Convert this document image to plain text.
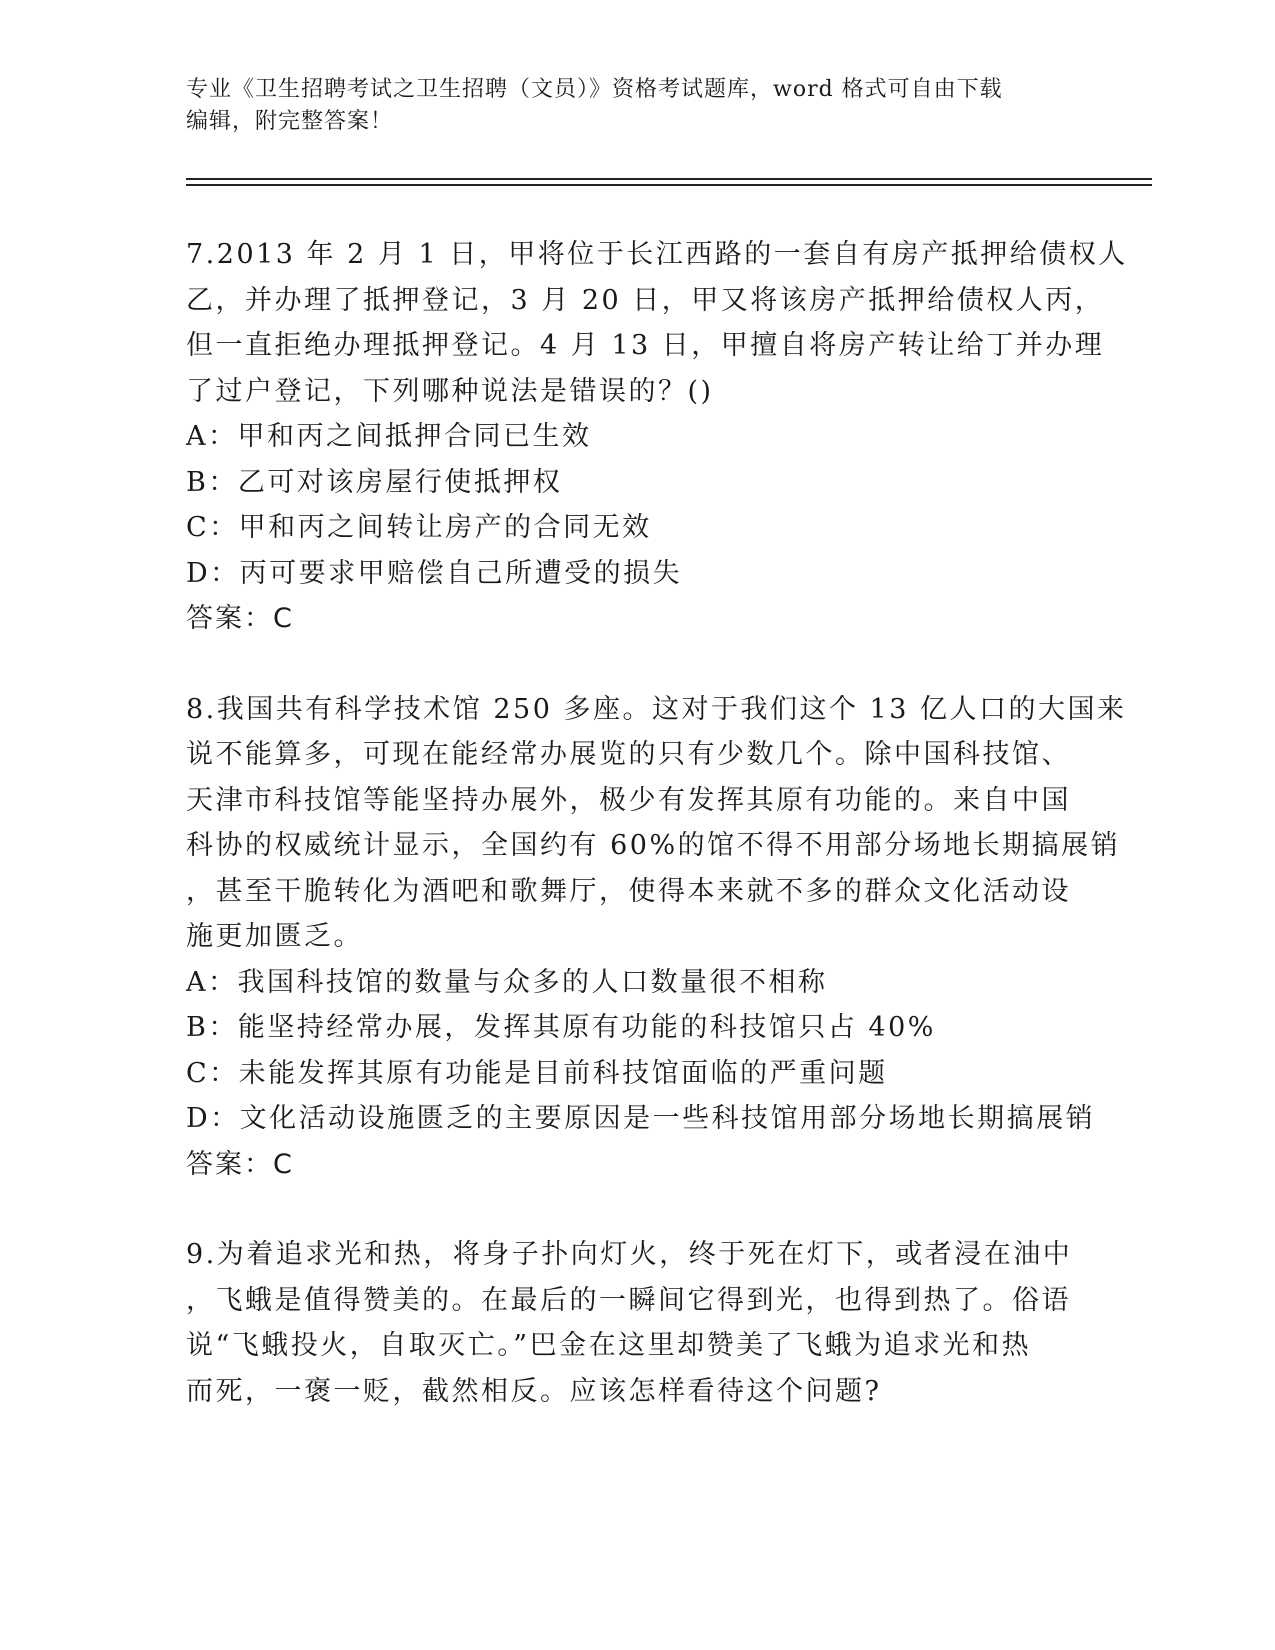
专业《卫生招聘考试之卫生招聘（文员）》资格考试题库，word 格式可自由下载
编辑，附完整答案！
7.2013 年 2 月 1 日，甲将位于长江西路的一套自有房产抵押给债权人
乙，并办理了抵押登记，3 月 20 日，甲又将该房产抵押给债权人丙，
但一直拒绝办理抵押登记。4 月 13 日，甲擅自将房产转让给丁并办理
了过户登记，下列哪种说法是错误的？()
A：甲和丙之间抵押合同已生效
B：乙可对该房屋行使抵押权
C：甲和丙之间转让房产的合同无效
D：丙可要求甲赔偿自己所遭受的损失
答案：C
8.我国共有科学技术馆 250 多座。这对于我们这个 13 亿人口的大国来
说不能算多，可现在能经常办展览的只有少数几个。除中国科技馆、
天津市科技馆等能坚持办展外，极少有发挥其原有功能的。来自中国
科协的权威统计显示，全国约有 60%的馆不得不用部分场地长期搞展销
，甚至干脆转化为酒吧和歌舞厅，使得本来就不多的群众文化活动设
施更加匮乏。
A：我国科技馆的数量与众多的人口数量很不相称
B：能坚持经常办展，发挥其原有功能的科技馆只占 40%
C：未能发挥其原有功能是目前科技馆面临的严重问题
D：文化活动设施匮乏的主要原因是一些科技馆用部分场地长期搞展销
答案：C
9.为着追求光和热，将身子扑向灯火，终于死在灯下，或者浸在油中
，飞蛾是值得赞美的。在最后的一瞬间它得到光，也得到热了。俗语
说“飞蛾投火，自取灭亡。”巴金在这里却赞美了飞蛾为追求光和热
而死，一褒一贬，截然相反。应该怎样看待这个问题?
